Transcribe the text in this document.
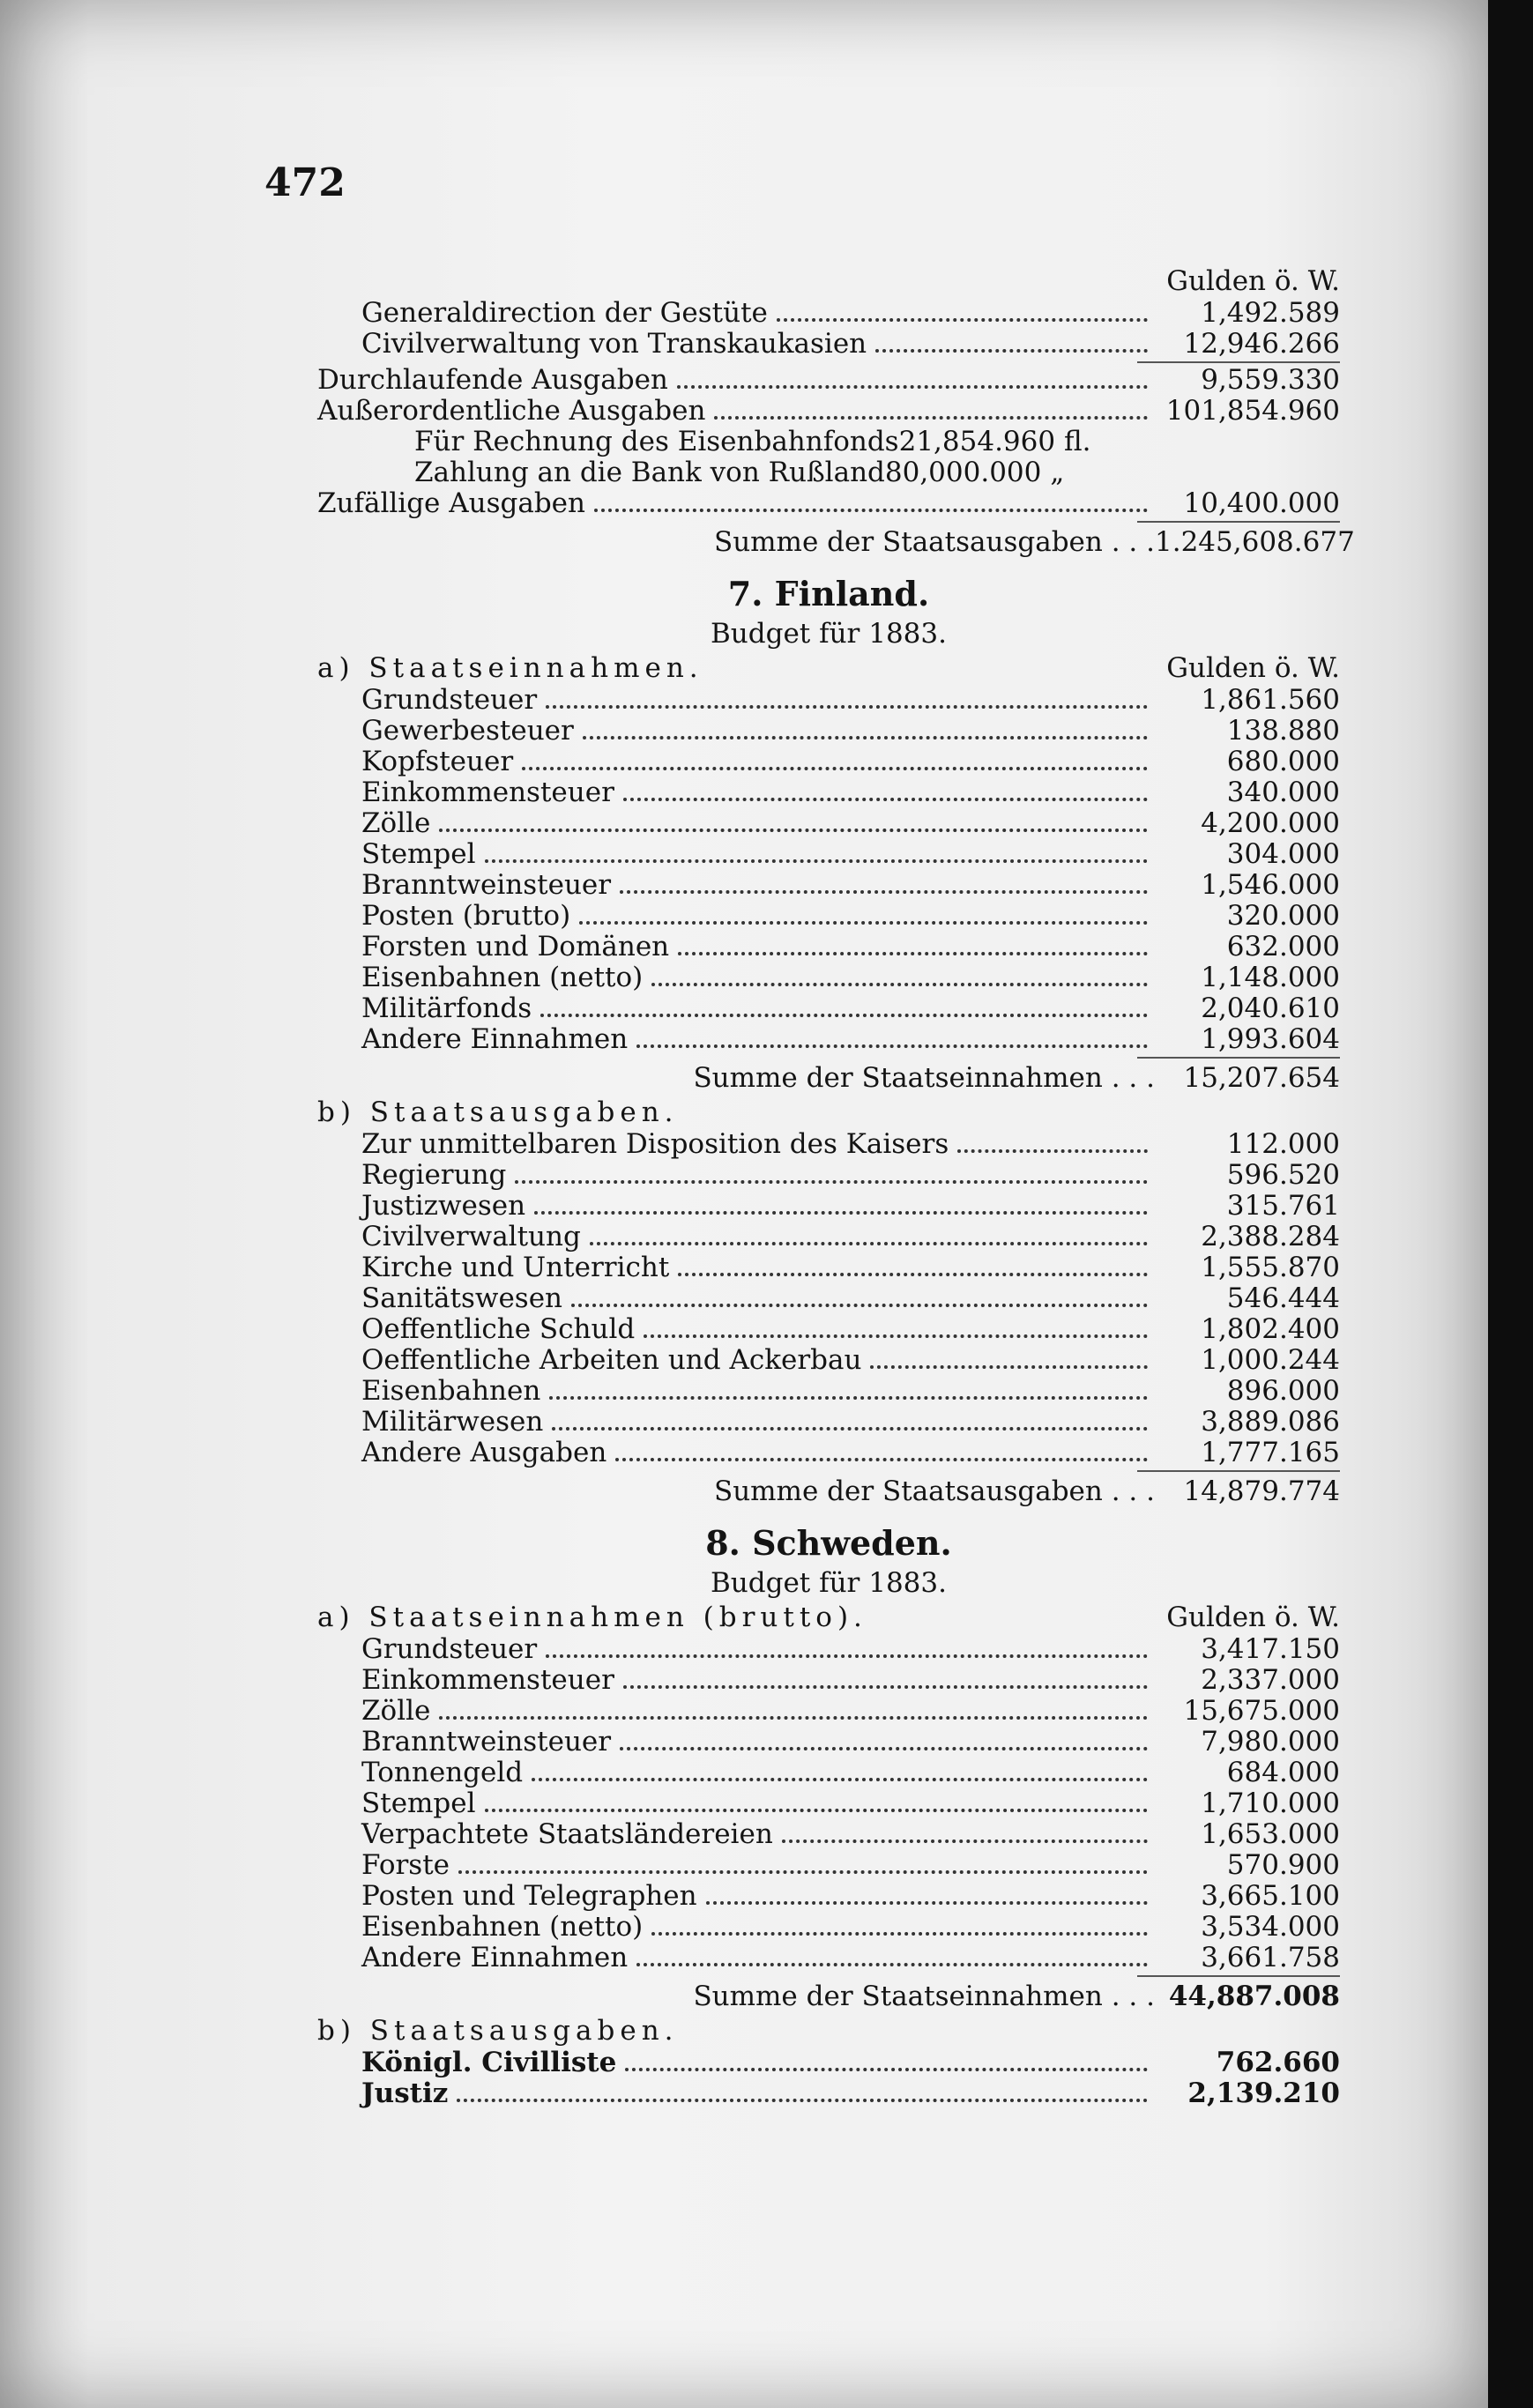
472
Gulden ö. W.
Generaldirection der Gestüte	1,492.589
Civilverwaltung von Transkaukasien	12,946.266
Durchlaufende Ausgaben	9,559.330
Außerordentliche Ausgaben	101,854.960
Für Rechnung des Eisenbahnfonds 21,854.960 fl.
Zahlung an die Bank von Rußland 80,000.000 „
Zufällige Ausgaben	10,400.000
Summe der Staatsausgaben . . . 1.245,608.677
7. Finland.
Budget für 1883.
a) Staatseinnahmen.	Gulden ö. W.
Grundsteuer	1,861.560
Gewerbesteuer	138.880
Kopfsteuer	680.000
Einkommensteuer	340.000
Zölle	4,200.000
Stempel	304.000
Branntweinsteuer	1,546.000
Posten (brutto)	320.000
Forsten und Domänen	632.000
Eisenbahnen (netto)	1,148.000
Militärfonds	2,040.610
Andere Einnahmen	1,993.604
Summe der Staatseinnahmen . . .	15,207.654
b) Staatsausgaben.
Zur unmittelbaren Disposition des Kaisers	112.000
Regierung	596.520
Justizwesen	315.761
Civilverwaltung	2,388.284
Kirche und Unterricht	1,555.870
Sanitätswesen	546.444
Oeffentliche Schuld	1,802.400
Oeffentliche Arbeiten und Ackerbau	1,000.244
Eisenbahnen	896.000
Militärwesen	3,889.086
Andere Ausgaben	1,777.165
Summe der Staatsausgaben . . .	14,879.774
8. Schweden.
Budget für 1883.
a) Staatseinnahmen (brutto).	Gulden ö. W.
Grundsteuer	3,417.150
Einkommensteuer	2,337.000
Zölle	15,675.000
Branntweinsteuer	7,980.000
Tonnengeld	684.000
Stempel	1,710.000
Verpachtete Staatsländereien	1,653.000
Forste	570.900
Posten und Telegraphen	3,665.100
Eisenbahnen (netto)	3,534.000
Andere Einnahmen	3,661.758
Summe der Staatseinnahmen . . . 44,887.008
b) Staatsausgaben.
Königl. Civilliste	762.660
Justiz	2,139.210
